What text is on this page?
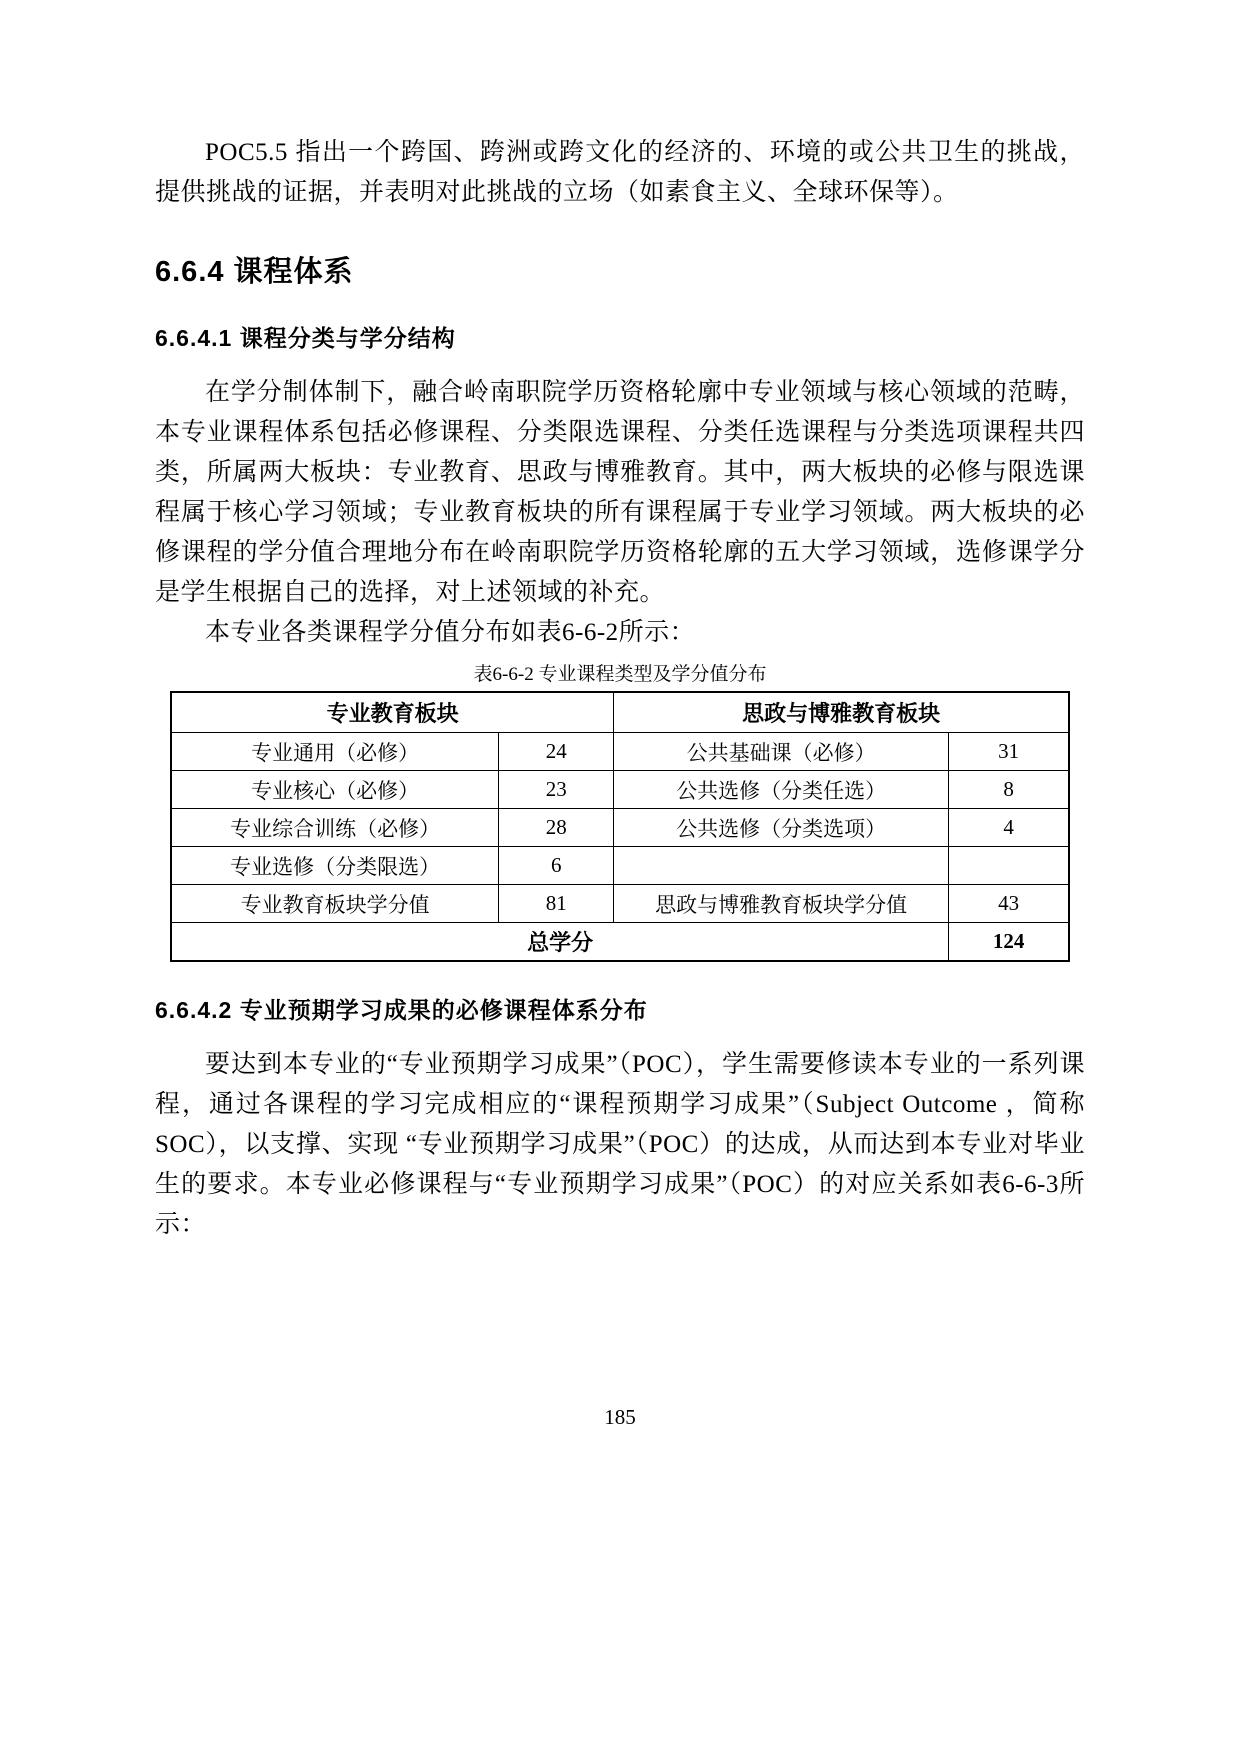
POC5.5 指出一个跨国、跨洲或跨文化的经济的、环境的或公共卫生的挑战，提供挑战的证据，并表明对此挑战的立场（如素食主义、全球环保等）。

6.6.4 课程体系
6.6.4.1 课程分类与学分结构

在学分制体制下，融合岭南职院学历资格轮廓中专业领域与核心领域的范畴，本专业课程体系包括必修课程、分类限选课程、分类任选课程与分类选项课程共四类，所属两大板块：专业教育、思政与博雅教育。其中，两大板块的必修与限选课程属于核心学习领域；专业教育板块的所有课程属于专业学习领域。两大板块的必修课程的学分值合理地分布在岭南职院学历资格轮廓的五大学习领域，选修课学分是学生根据自己的选择，对上述领域的补充。

本专业各类课程学分值分布如表6-6-2所示：

表6-6-2 专业课程类型及学分值分布
专业教育板块		思政与博雅教育板块	
专业通用（必修）	24	公共基础课（必修）	31
专业核心（必修）	23	公共选修（分类任选）	8
专业综合训练（必修）	28	公共选修（分类选项）	4
专业选修（分类限选）	6		
专业教育板块学分值	81	思政与博雅教育板块学分值	43
总学分			124
6.6.4.2 专业预期学习成果的必修课程体系分布

要达到本专业的“专业预期学习成果”（POC），学生需要修读本专业的一系列课程，通过各课程的学习完成相应的“课程预期学习成果”（Subject Outcome ，简称SOC），以支撑、实现 “专业预期学习成果”（POC）的达成，从而达到本专业对毕业生的要求。本专业必修课程与“专业预期学习成果”（POC）的对应关系如表6-6-3所示：

185
